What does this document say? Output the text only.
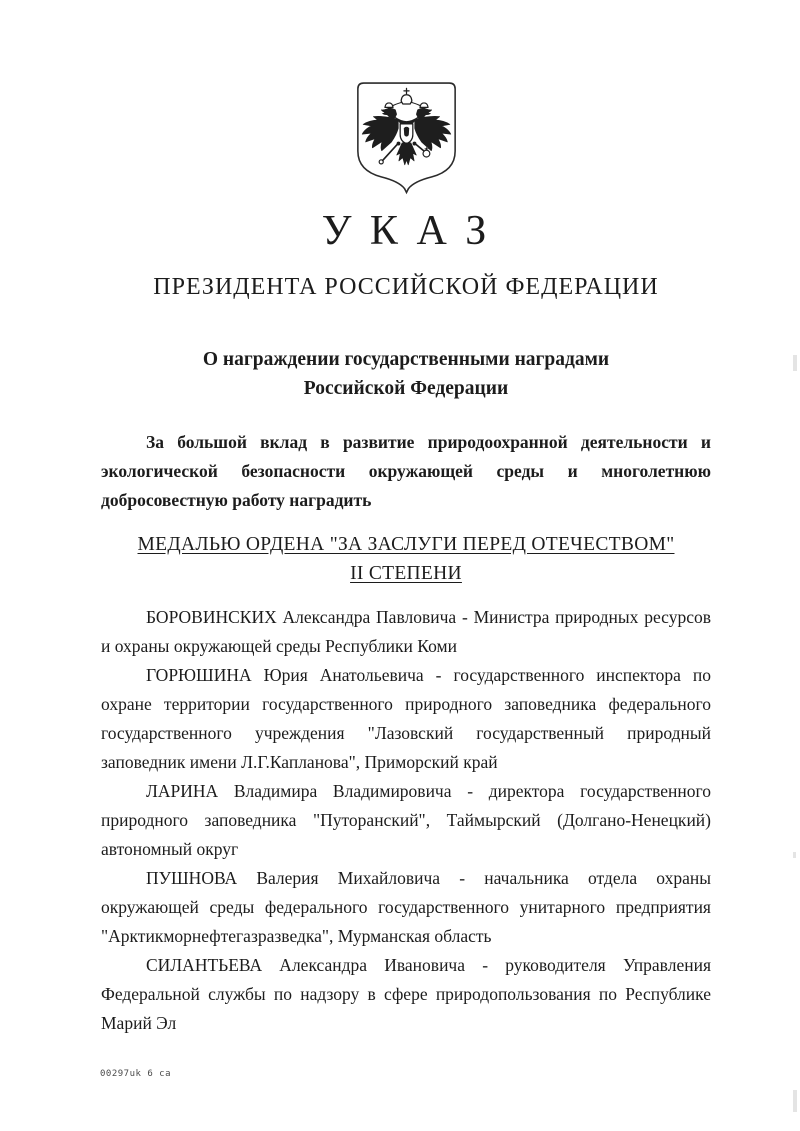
У К А З
ПРЕЗИДЕНТА РОССИЙСКОЙ ФЕДЕРАЦИИ
О награждении государственными наградами
Российской Федерации

За большой вклад в развитие природоохранной деятельности и экологической безопасности окружающей среды и многолетнюю добросовестную работу наградить

МЕДАЛЬЮ ОРДЕНА "ЗА ЗАСЛУГИ ПЕРЕД ОТЕЧЕСТВОМ"
II СТЕПЕНИ

БОРОВИНСКИХ Александра Павловича - Министра природных ресурсов и охраны окружающей среды Республики Коми

ГОРЮШИНА Юрия Анатольевича - государственного инспектора по охране территории государственного природного заповедника федерального государственного учреждения "Лазовский государственный природный заповедник имени Л.Г.Капланова", Приморский край

ЛАРИНА Владимира Владимировича - директора государственного природного заповедника "Путоранский", Таймырский (Долгано-Ненецкий) автономный округ

ПУШНОВА Валерия Михайловича - начальника отдела охраны окружающей среды федерального государственного унитарного предприятия "Арктикморнефтегазразведка", Мурманская область

СИЛАНТЬЕВА Александра Ивановича - руководителя Управления Федеральной службы по надзору в сфере природопользования по Республике Марий Эл

00297uk 6 ca
